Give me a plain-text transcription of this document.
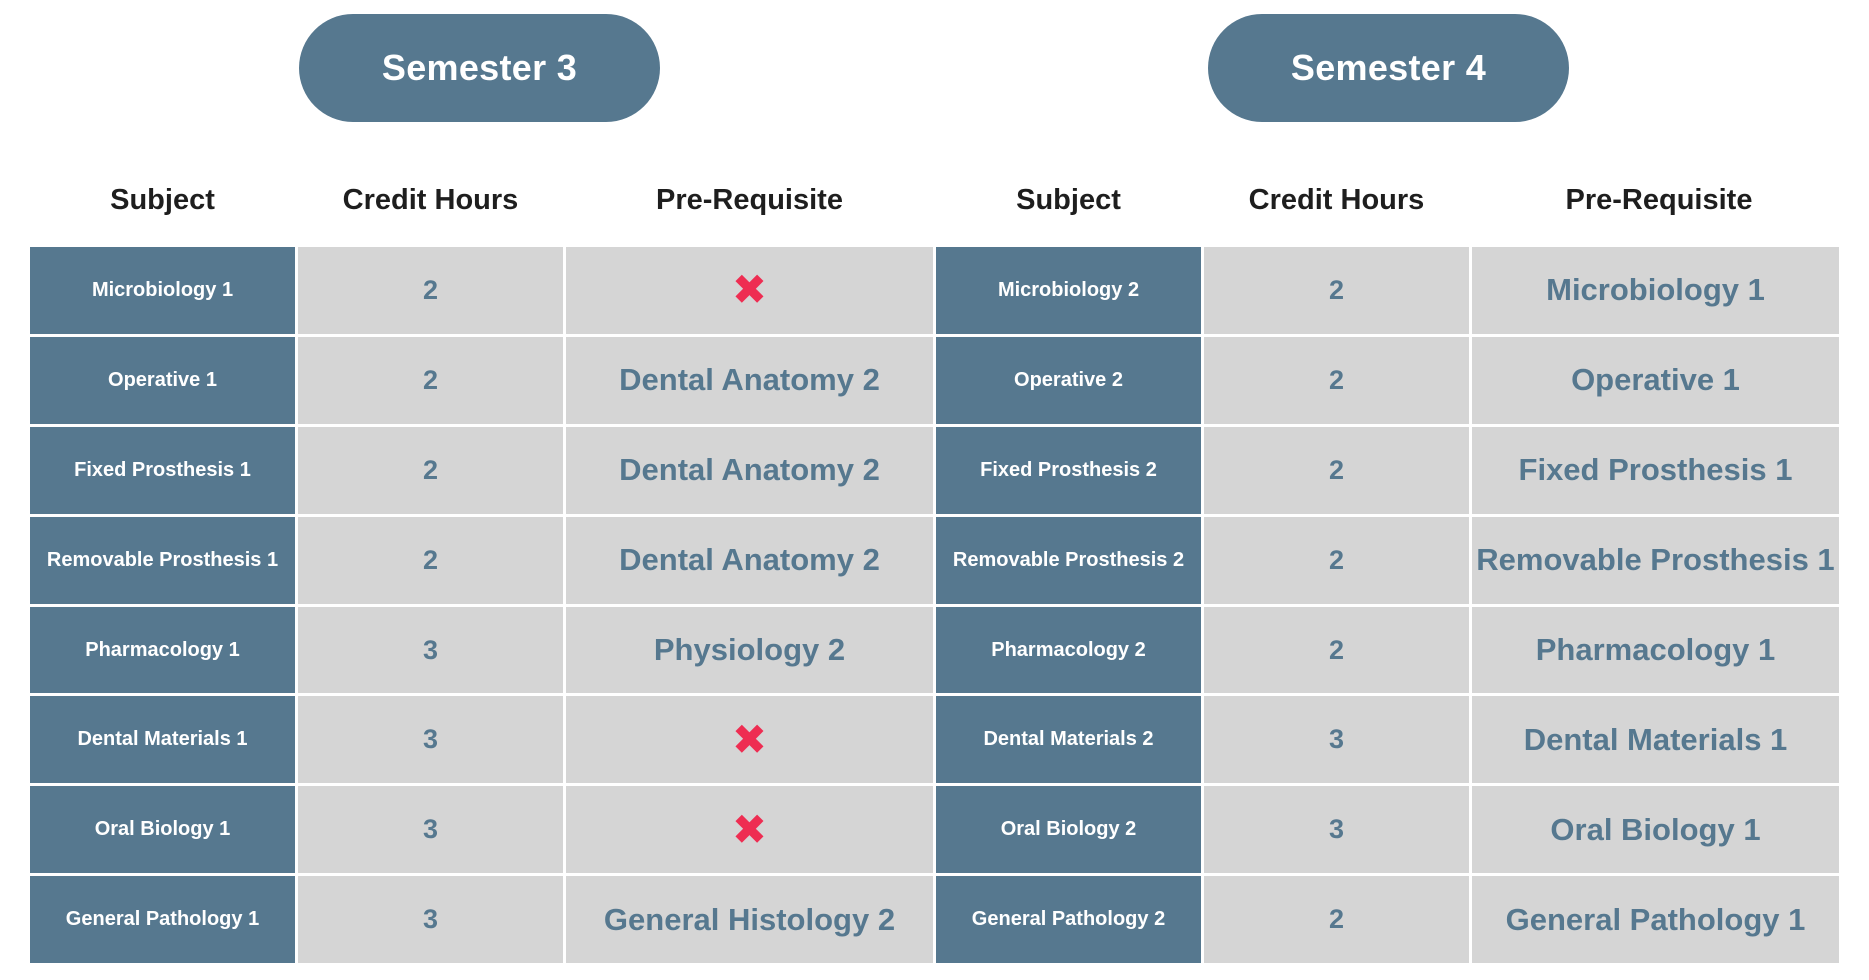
Semester 3	Semester 4
Subject	Credit Hours	Pre-Requisite	Subject	Credit Hours	Pre-Requisite
Microbiology 1	2	✖	Microbiology 2	2	Microbiology 1
Operative 1	2	Dental Anatomy 2	Operative 2	2	Operative 1
Fixed Prosthesis 1	2	Dental Anatomy 2	Fixed Prosthesis 2	2	Fixed Prosthesis 1
Removable Prosthesis 1	2	Dental Anatomy 2	Removable Prosthesis 2	2	Removable Prosthesis 1
Pharmacology 1	3	Physiology 2	Pharmacology 2	2	Pharmacology 1
Dental Materials 1	3	✖	Dental Materials 2	3	Dental Materials 1
Oral Biology 1	3	✖	Oral Biology 2	3	Oral Biology 1
General Pathology 1	3	General Histology 2	General Pathology 2	2	General Pathology 1
